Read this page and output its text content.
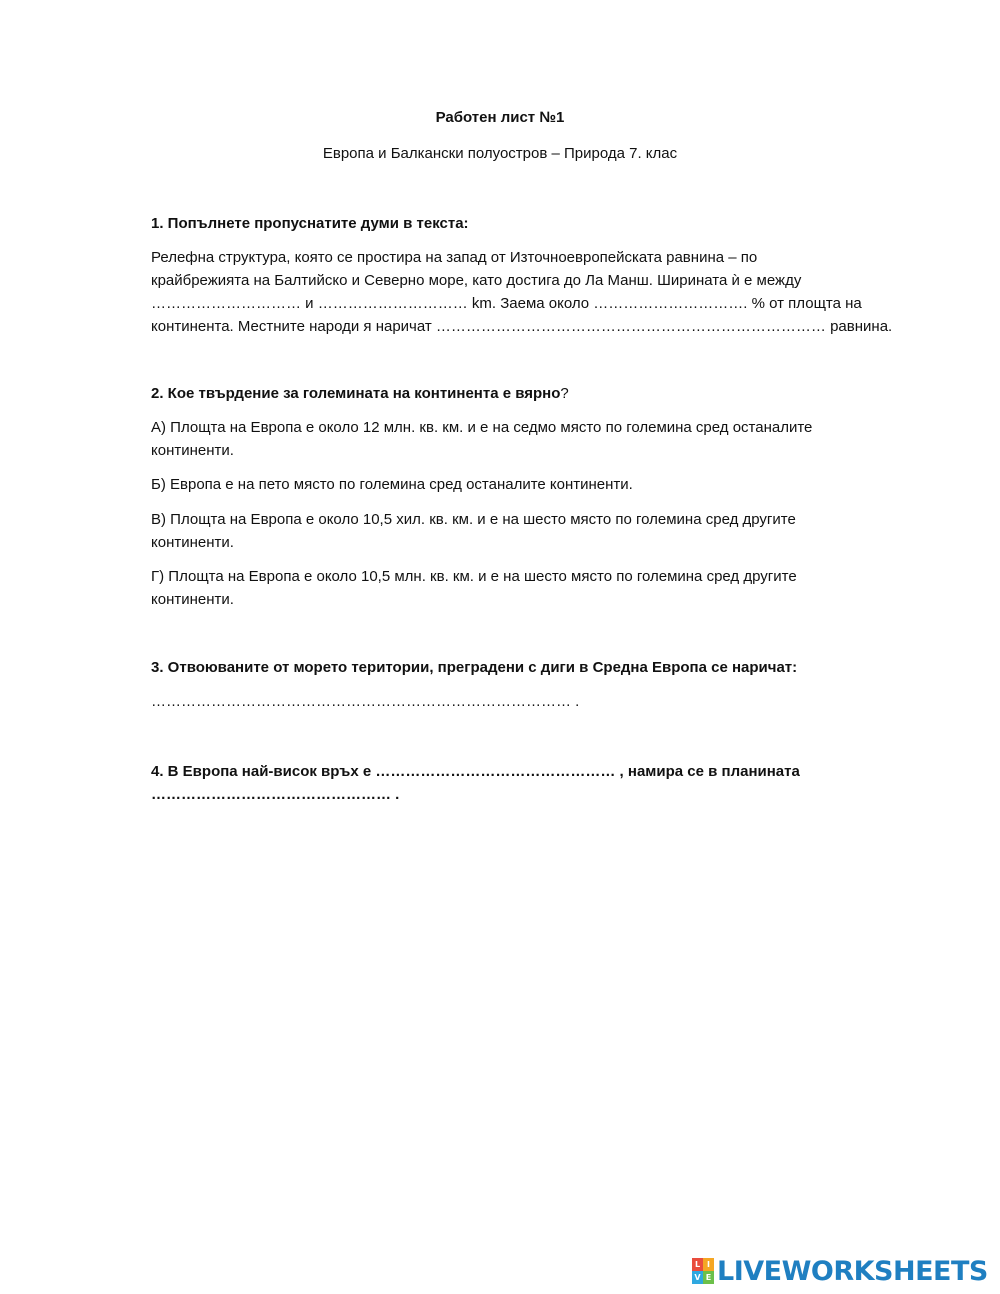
Работен лист №1
Европа и Балкански полуостров – Природа 7. клас
1. Попълнете пропуснатите думи в текста:
Релефна структура, която се простира на запад от Източноевропейската равнина – по
крайбрежията на Балтийско и Северно море, като достига до Ла Манш. Ширината ѝ е между
………………………… и ………………………… km. Заема около …………………………. % от площта на
континента. Местните народи я наричат …………………………………………………………………… равнина.
2. Кое твърдение за големината на континента е вярно?
А) Площта на Европа е около 12 млн. кв. км. и е на седмо място по големина сред останалите
континенти.
Б) Европа е на пето място по големина сред останалите континенти.
В) Площта на Европа е около 10,5 хил. кв. км. и е на шесто място по големина сред другите
континенти.
Г) Площта на Европа е около 10,5 млн. кв. км. и е на шесто място по големина сред другите
континенти.
3. Отвоюваните от морето територии, преградени с диги в Средна Европа се наричат:
………………………………………………………………………… .
4. В Европа най-висок връх е ………………………………………… , намира се в планината
………………………………………… .
L I
V E LIVEWORKSHEETS
